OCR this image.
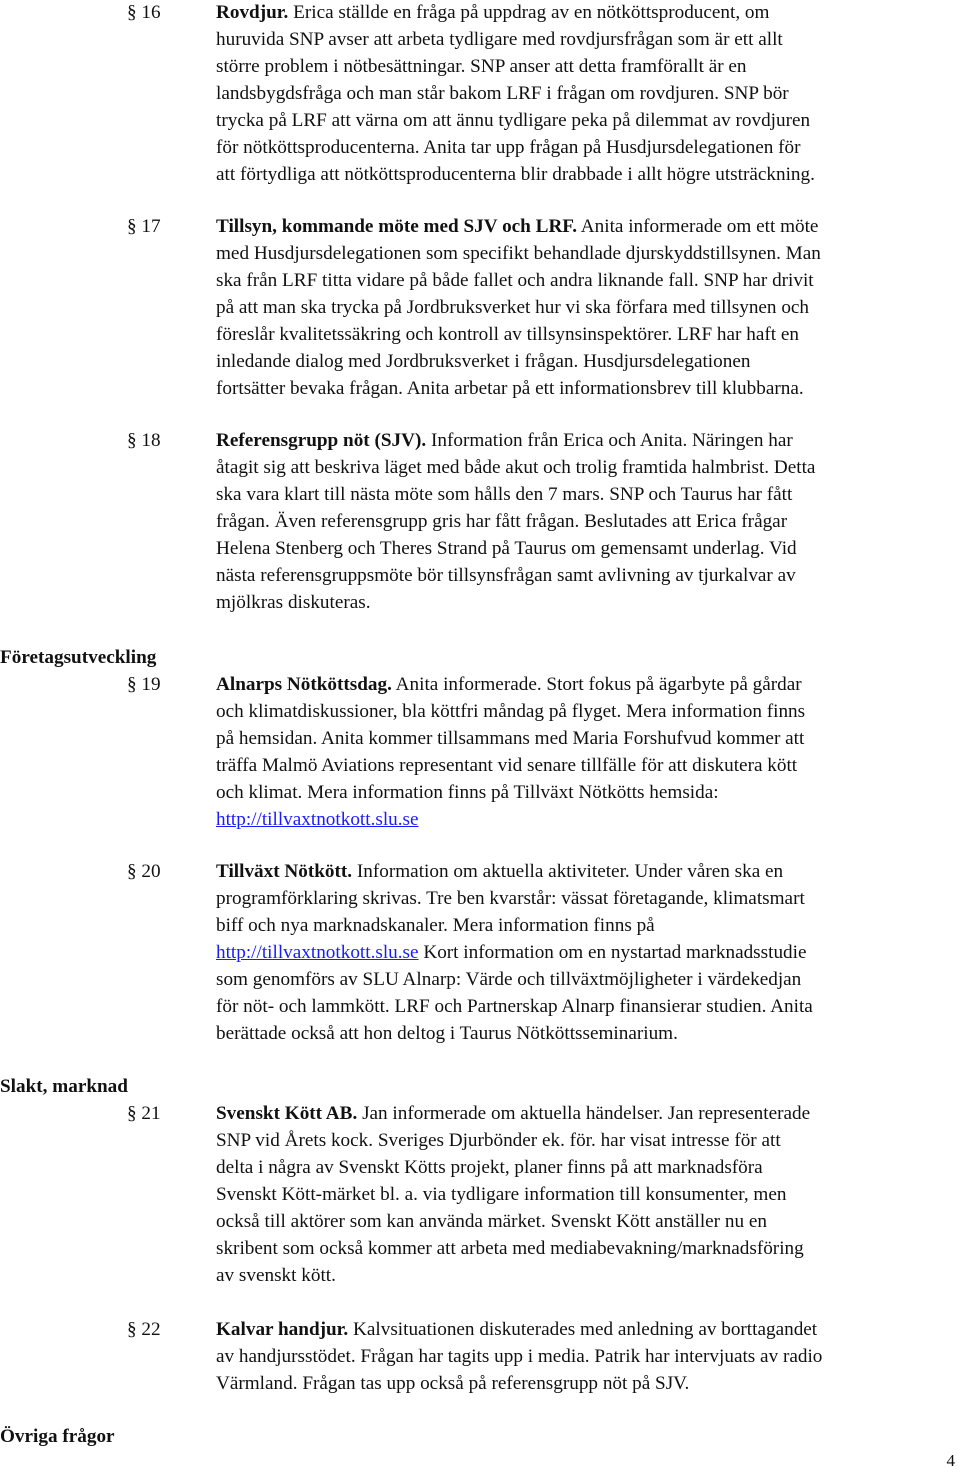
§ 16	Rovdjur. Erica ställde en fråga på uppdrag av en nötköttsproducent, om
huruvida SNP avser att arbeta tydligare med rovdjursfrågan som är ett allt
större problem i nötbesättningar. SNP anser att detta framförallt är en
landsbygdsfråga och man står bakom LRF i frågan om rovdjuren. SNP bör
trycka på LRF att värna om att ännu tydligare peka på dilemmat av rovdjuren
för nötköttsproducenterna. Anita tar upp frågan på Husdjursdelegationen för
att förtydliga att nötköttsproducenterna blir drabbade i allt högre utsträckning.
§ 17	Tillsyn, kommande möte med SJV och LRF. Anita informerade om ett möte
med Husdjursdelegationen som specifikt behandlade djurskyddstillsynen. Man
ska från LRF titta vidare på både fallet och andra liknande fall. SNP har drivit
på att man ska trycka på Jordbruksverket hur vi ska förfara med tillsynen och
föreslår kvalitetssäkring och kontroll av tillsynsinspektörer. LRF har haft en
inledande dialog med Jordbruksverket i frågan. Husdjursdelegationen
fortsätter bevaka frågan. Anita arbetar på ett informationsbrev till klubbarna.
§ 18	Referensgrupp nöt (SJV). Information från Erica och Anita. Näringen har
åtagit sig att beskriva läget med både akut och trolig framtida halmbrist. Detta
ska vara klart till nästa möte som hålls den 7 mars. SNP och Taurus har fått
frågan. Även referensgrupp gris har fått frågan. Beslutades att Erica frågar
Helena Stenberg och Theres Strand på Taurus om gemensamt underlag. Vid
nästa referensgruppsmöte bör tillsynsfrågan samt avlivning av tjurkalvar av
mjölkras diskuteras.
Företagsutveckling
§ 19	Alnarps Nötköttsdag. Anita informerade. Stort fokus på ägarbyte på gårdar
och klimatdiskussioner, bla köttfri måndag på flyget. Mera information finns
på hemsidan. Anita kommer tillsammans med Maria Forshufvud kommer att
träffa Malmö Aviations representant vid senare tillfälle för att diskutera kött
och klimat. Mera information finns på Tillväxt Nötkötts hemsida:
http://tillvaxtnotkott.slu.se
§ 20	Tillväxt Nötkött. Information om aktuella aktiviteter. Under våren ska en
programförklaring skrivas. Tre ben kvarstår: vässat företagande, klimatsmart
biff och nya marknadskanaler. Mera information finns på
http://tillvaxtnotkott.slu.se Kort information om en nystartad marknadsstudie
som genomförs av SLU Alnarp: Värde och tillväxtmöjligheter i värdekedjan
för nöt- och lammkött. LRF och Partnerskap Alnarp finansierar studien. Anita
berättade också att hon deltog i Taurus Nötköttsseminarium.
Slakt, marknad
§ 21	Svenskt Kött AB. Jan informerade om aktuella händelser. Jan representerade
SNP vid Årets kock. Sveriges Djurbönder ek. för. har visat intresse för att
delta i några av Svenskt Kötts projekt, planer finns på att marknadsföra
Svenskt Kött-märket bl. a. via tydligare information till konsumenter, men
också till aktörer som kan använda märket. Svenskt Kött anställer nu en
skribent som också kommer att arbeta med mediabevakning/marknadsföring
av svenskt kött.
§ 22	Kalvar handjur. Kalvsituationen diskuterades med anledning av borttagandet
av handjursstödet. Frågan har tagits upp i media. Patrik har intervjuats av radio
Värmland. Frågan tas upp också på referensgrupp nöt på SJV.
Övriga frågor
4
